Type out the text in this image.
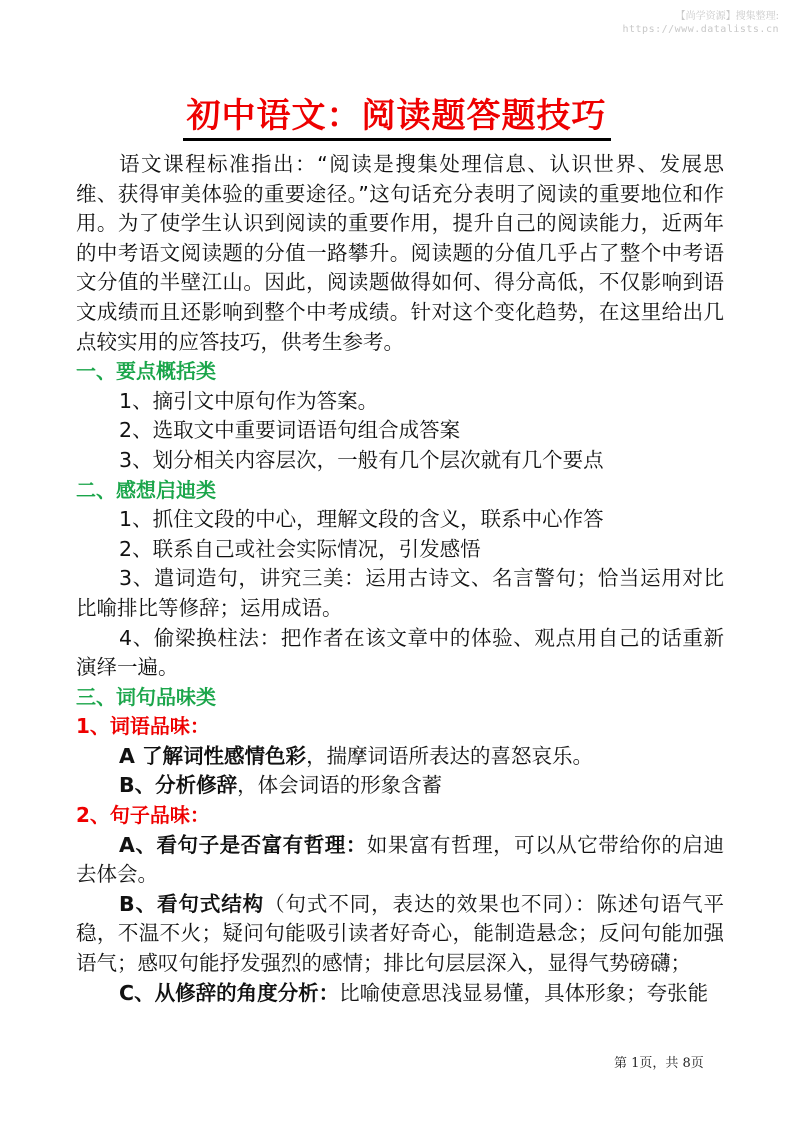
【尚学资源】搜集整理:
https://www.datalists.cn
初中语文：阅读题答题技巧

语文课程标准指出：“阅读是搜集处理信息、认识世界、发展思维、获得审美体验的重要途径。”这句话充分表明了阅读的重要地位和作用。为了使学生认识到阅读的重要作用，提升自己的阅读能力，近两年的中考语文阅读题的分值一路攀升。阅读题的分值几乎占了整个中考语文分值的半壁江山。因此，阅读题做得如何、得分高低，不仅影响到语文成绩而且还影响到整个中考成绩。针对这个变化趋势，在这里给出几点较实用的应答技巧，供考生参考。

一、要点概括类

1、摘引文中原句作为答案。

2、选取文中重要词语语句组合成答案

3、划分相关内容层次，一般有几个层次就有几个要点

二、感想启迪类

1、抓住文段的中心，理解文段的含义，联系中心作答

2、联系自己或社会实际情况，引发感悟

3、遣词造句，讲究三美：运用古诗文、名言警句；恰当运用对比比喻排比等修辞；运用成语。

4、偷梁换柱法：把作者在该文章中的体验、观点用自己的话重新演绎一遍。

三、词句品味类

1、词语品味：

A 了解词性感情色彩，揣摩词语所表达的喜怒哀乐。

B、分析修辞，体会词语的形象含蓄

2、句子品味：

A、看句子是否富有哲理：如果富有哲理，可以从它带给你的启迪去体会。

B、看句式结构（句式不同，表达的效果也不同）：陈述句语气平稳，不温不火；疑问句能吸引读者好奇心，能制造悬念；反问句能加强语气；感叹句能抒发强烈的感情；排比句层层深入，显得气势磅礴；

C、从修辞的角度分析：比喻使意思浅显易懂，具体形象；夸张能

第 1页，共 8页
